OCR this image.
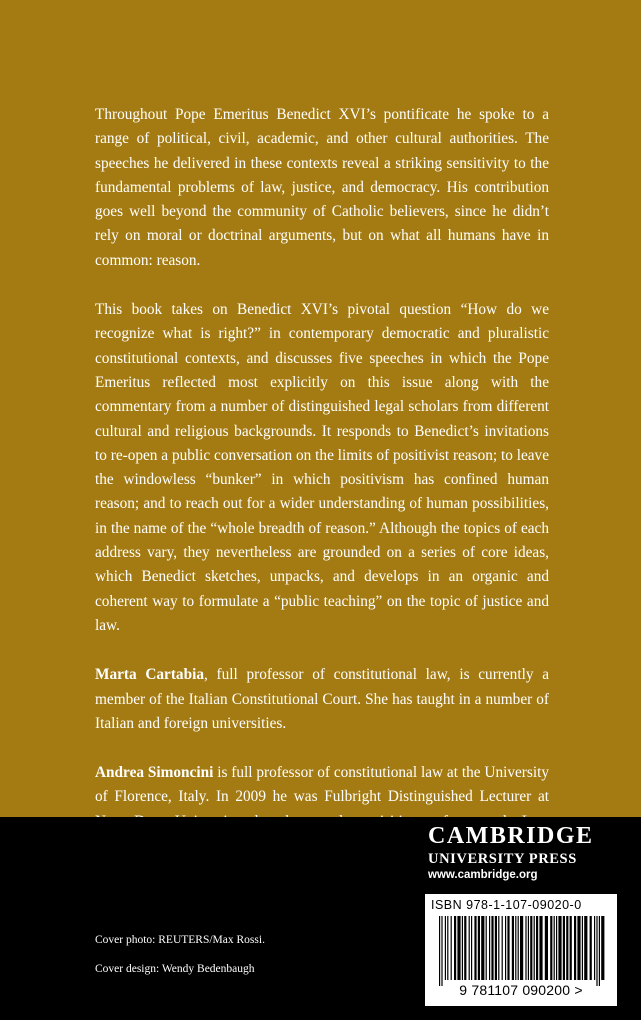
Throughout Pope Emeritus Benedict XVI’s pontificate he spoke to a range of political, civil, academic, and other cultural authorities. The speeches he delivered in these contexts reveal a striking sensitivity to the fundamental problems of law, justice, and democracy. His contribution goes well beyond the community of Catholic believers, since he didn’t rely on moral or doctrinal arguments, but on what all humans have in common: reason.

This book takes on Benedict XVI’s pivotal question “How do we recognize what is right?” in contemporary democratic and pluralistic constitutional contexts, and discusses five speeches in which the Pope Emeritus reflected most explicitly on this issue along with the commentary from a number of distinguished legal scholars from different cultural and religious backgrounds. It responds to Benedict’s invitations to re-open a public conversation on the limits of positivist reason; to leave the windowless “bunker” in which positivism has confined human reason; and to reach out for a wider understanding of human possibilities, in the name of the “whole breadth of reason.” Although the topics of each address vary, they nevertheless are grounded on a series of core ideas, which Benedict sketches, unpacks, and develops in an organic and coherent way to formulate a “public teaching” on the topic of justice and law.

Marta Cartabia, full professor of constitutional law, is currently a member of the Italian Constitutional Court. She has taught in a number of Italian and foreign universities.

Andrea Simoncini is full professor of constitutional law at the University of Florence, Italy. In 2009 he was Fulbright Distinguished Lecturer at

CAMBRIDGE
UNIVERSITY PRESS
www.cambridge.org
ISBN 978-1-107-09020-0
9 781107 090200 >
Cover photo: REUTERS/Max Rossi.
Cover design: Wendy Bedenbaugh
